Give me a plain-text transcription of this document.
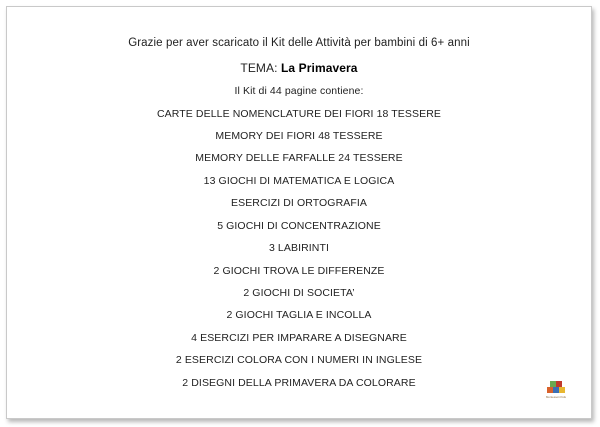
Grazie per aver scaricato il Kit delle Attività per bambini di 6+ anni
TEMA: La Primavera
Il Kit di 44 pagine contiene:
CARTE DELLE NOMENCLATURE DEI FIORI 18 TESSERE
MEMORY DEI FIORI 48 TESSERE
MEMORY DELLE FARFALLE 24 TESSERE
13 GIOCHI DI MATEMATICA E LOGICA
ESERCIZI DI ORTOGRAFIA
5 GIOCHI DI CONCENTRAZIONE
3 LABIRINTI
2 GIOCHI TROVA LE DIFFERENZE
2 GIOCHI DI SOCIETA’
2 GIOCHI TAGLIA E INCOLLA
4 ESERCIZI PER IMPARARE A DISEGNARE
2 ESERCIZI COLORA CON I NUMERI IN INGLESE
2 DISEGNI DELLA PRIMAVERA DA COLORARE
Montessori Kids
